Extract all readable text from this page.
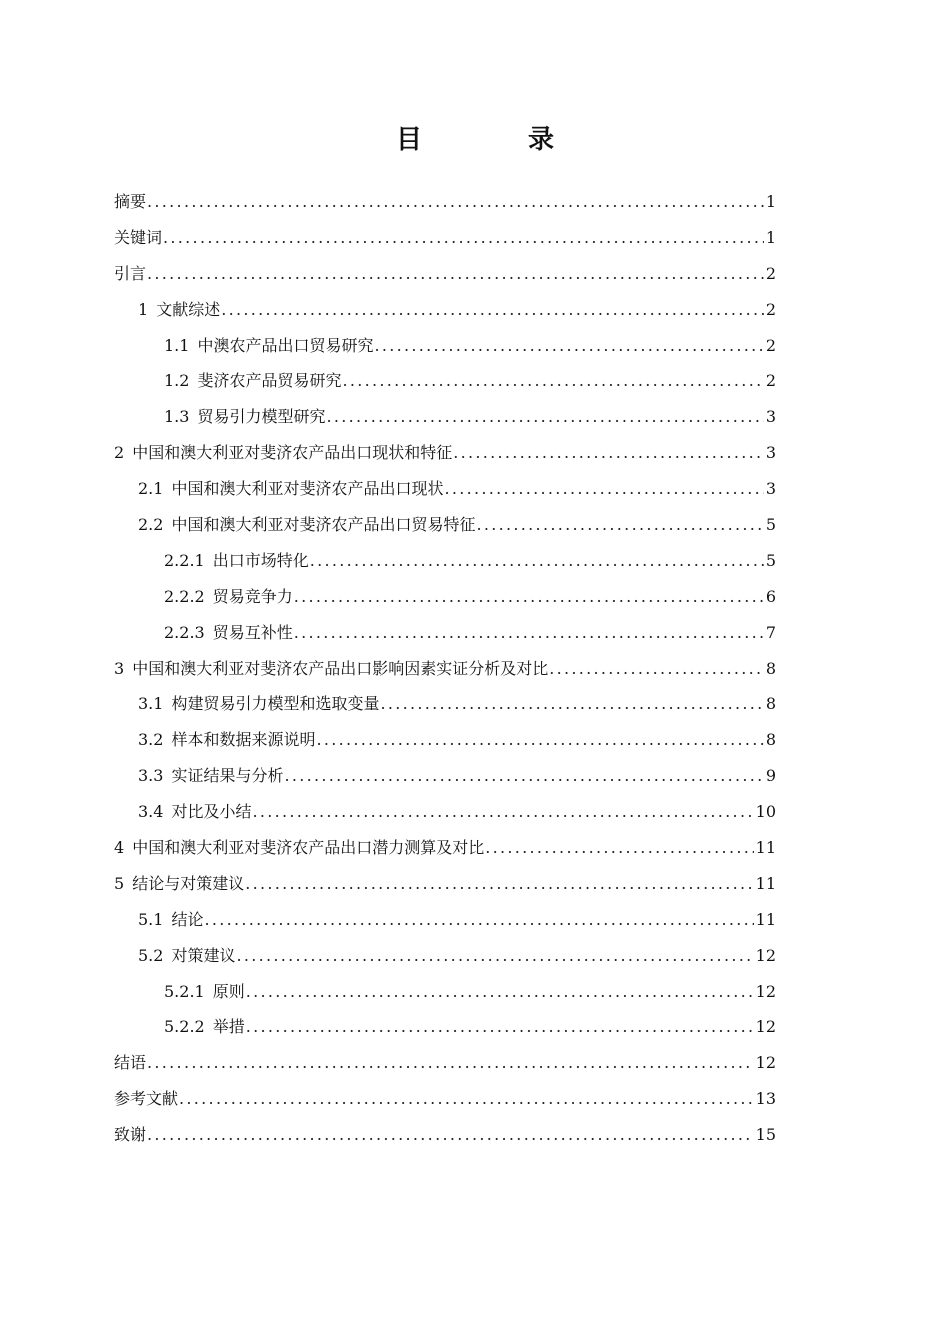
目　录
摘要 .....	1
关键词 .....	1
引言 .....	2
1 文献综述 .....	2
1.1 中澳农产品出口贸易研究 .....	2
1.2 斐济农产品贸易研究 .....	2
1.3 贸易引力模型研究 .....	3
2 中国和澳大利亚对斐济农产品出口现状和特征 .....	3
2.1 中国和澳大利亚对斐济农产品出口现状 .....	3
2.2 中国和澳大利亚对斐济农产品出口贸易特征 .....	5
2.2.1 出口市场特化 .....	5
2.2.2 贸易竞争力 .....	6
2.2.3 贸易互补性 .....	7
3 中国和澳大利亚对斐济农产品出口影响因素实证分析及对比 .....	8
3.1 构建贸易引力模型和选取变量 .....	8
3.2 样本和数据来源说明 .....	8
3.3 实证结果与分析 .....	9
3.4 对比及小结 .....	10
4 中国和澳大利亚对斐济农产品出口潜力测算及对比 .....	11
5 结论与对策建议 .....	11
5.1 结论 .....	11
5.2 对策建议 .....	12
5.2.1 原则 .....	12
5.2.2 举措 .....	12
结语 .....	12
参考文献 .....	13
致谢 .....	15
